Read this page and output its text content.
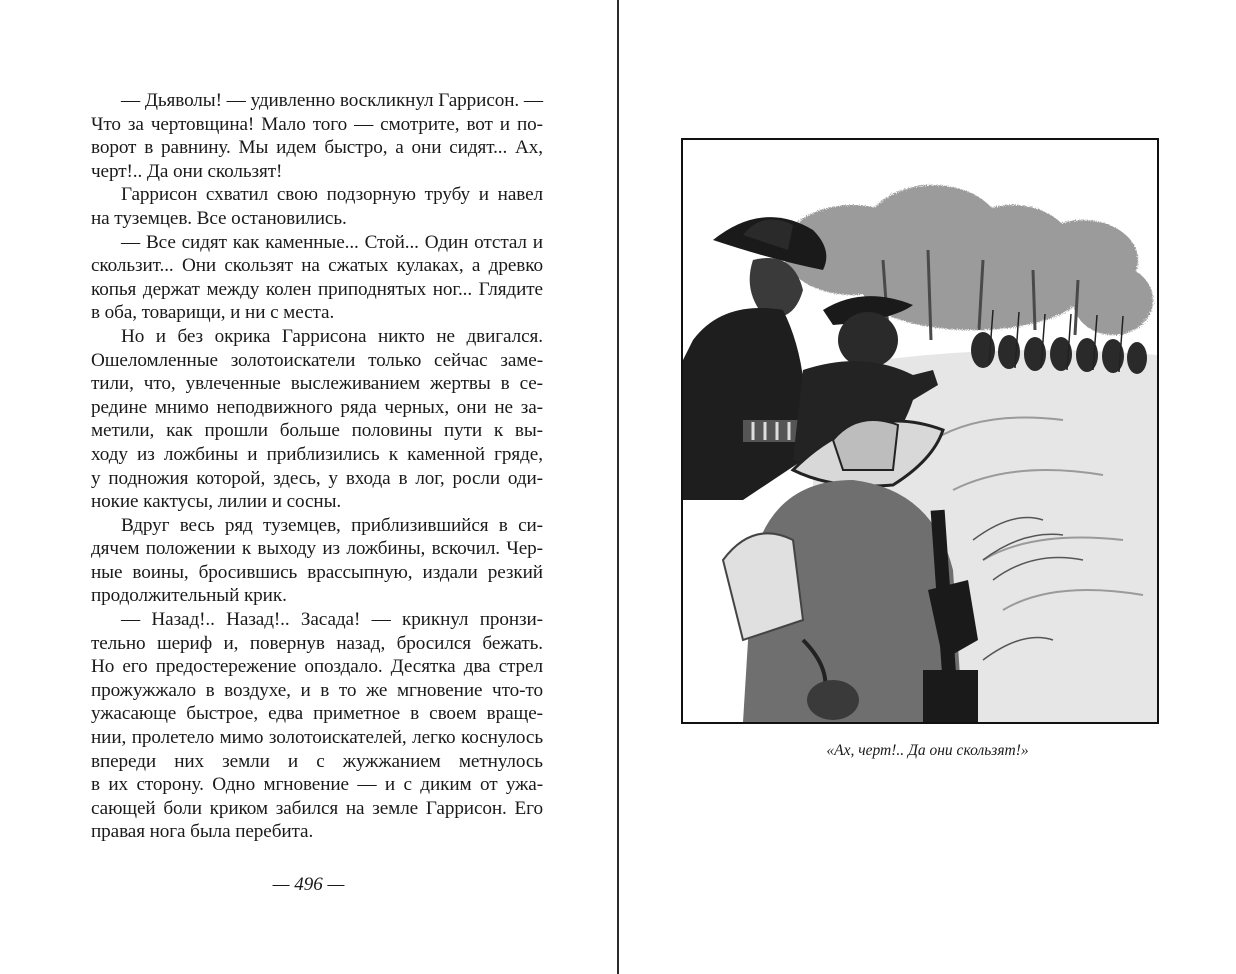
— Дьяволы! — удивленно воскликнул Гаррисон. —
Что за чертовщина! Мало того — смотрите, вот и по-
ворот в равнину. Мы идем быстро, а они сидят... Ах,
черт!.. Да они скользят!
Гаррисон схватил свою подзорную трубу и навел
на туземцев. Все остановились.
— Все сидят как каменные... Стой... Один отстал и
скользит... Они скользят на сжатых кулаках, а древко
копья держат между колен приподнятых ног... Глядите
в оба, товарищи, и ни с места.
Но и без окрика Гаррисона никто не двигался.
Ошеломленные золотоискатели только сейчас заме-
тили, что, увлеченные выслеживанием жертвы в се-
редине мнимо неподвижного ряда черных, они не за-
метили, как прошли больше половины пути к вы-
ходу из ложбины и приблизились к каменной гряде,
у подножия которой, здесь, у входа в лог, росли оди-
нокие кактусы, лилии и сосны.
Вдруг весь ряд туземцев, приблизившийся в си-
дячем положении к выходу из ложбины, вскочил. Чер-
ные воины, бросившись врассыпную, издали резкий
продолжительный крик.
— Назад!.. Назад!.. Засада! — крикнул пронзи-
тельно шериф и, повернув назад, бросился бежать.
Но его предостережение опоздало. Десятка два стрел
прожужжало в воздухе, и в то же мгновение что-то
ужасающе быстрое, едва приметное в своем враще-
нии, пролетело мимо золотоискателей, легко коснулось
впереди них земли и с жужжанием метнулось
в их сторону. Одно мгновение — и с диким от ужа-
сающей боли криком забился на земле Гаррисон. Его
правая нога была перебита.
— 496 —
«Ах, черт!.. Да они скользят!»
